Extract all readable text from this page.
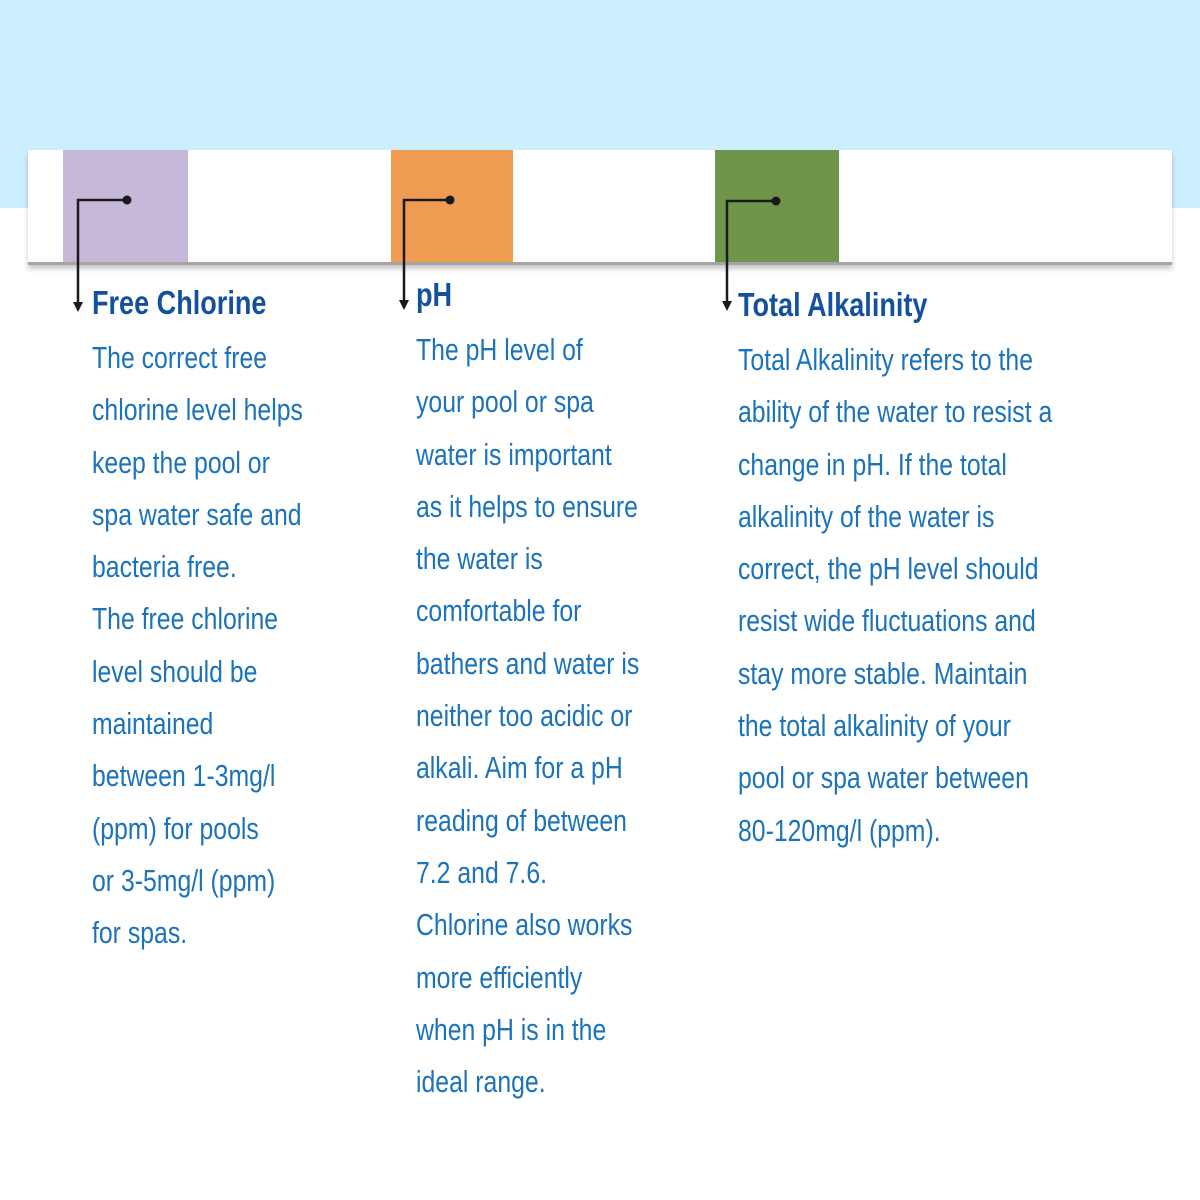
Free Chlorine

The correct free
chlorine level helps
keep the pool or
spa water safe and
bacteria free.
The free chlorine
level should be
maintained
between 1-3mg/l
(ppm) for pools
or 3-5mg/l (ppm)
for spas.

pH

The pH level of
your pool or spa
water is important
as it helps to ensure
the water is
comfortable for
bathers and water is
neither too acidic or
alkali. Aim for a pH
reading of between
7.2 and 7.6.
Chlorine also works
more efficiently
when pH is in the
ideal range.

Total Alkalinity

Total Alkalinity refers to the
ability of the water to resist a
change in pH. If the total
alkalinity of the water is
correct, the pH level should
resist wide fluctuations and
stay more stable. Maintain
the total alkalinity of your
pool or spa water between
80-120mg/l (ppm).
